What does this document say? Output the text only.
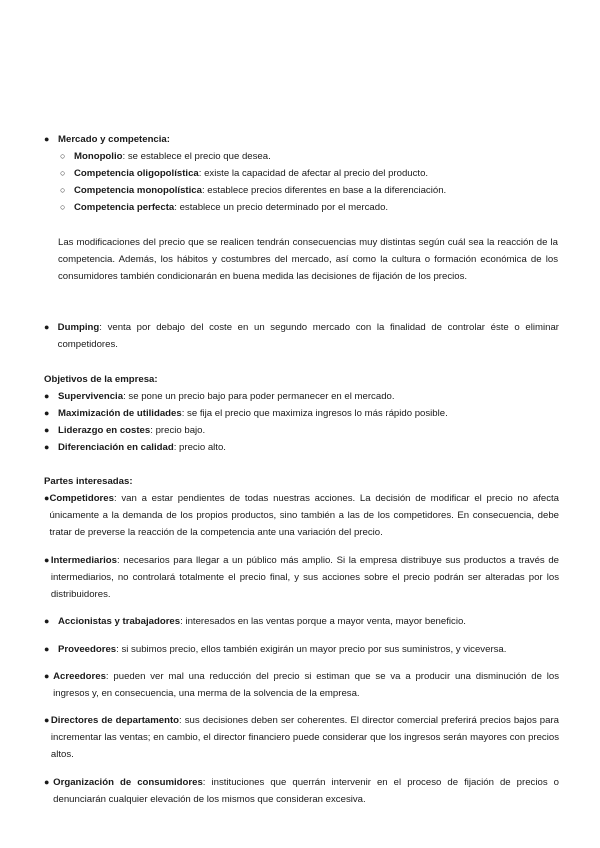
● Mercado y competencia:
○ Monopolio: se establece el precio que desea.
○ Competencia oligopolística: existe la capacidad de afectar al precio del producto.
○ Competencia monopolística: establece precios diferentes en base a la diferenciación.
○ Competencia perfecta: establece un precio determinado por el mercado.

Las modificaciones del precio que se realicen tendrán consecuencias muy distintas según cuál sea la reacción de la competencia. Además, los hábitos y costumbres del mercado, así como la cultura o formación económica de los consumidores también condicionarán en buena medida las decisiones de fijación de los precios.

● Dumping: venta por debajo del coste en un segundo mercado con la finalidad de controlar éste o eliminar competidores.

Objetivos de la empresa:

● Supervivencia: se pone un precio bajo para poder permanecer en el mercado.
● Maximización de utilidades: se fija el precio que maximiza ingresos lo más rápido posible.
● Liderazgo en costes: precio bajo.
● Diferenciación en calidad: precio alto.

Partes interesadas:

● Competidores: van a estar pendientes de todas nuestras acciones. La decisión de modificar el precio no afecta únicamente a la demanda de los propios productos, sino también a las de los competidores. En consecuencia, debe tratar de preverse la reacción de la competencia ante una variación del precio.
● Intermediarios: necesarios para llegar a un público más amplio. Si la empresa distribuye sus productos a través de intermediarios, no controlará totalmente el precio final, y sus acciones sobre el precio podrán ser alteradas por los distribuidores.
● Accionistas y trabajadores: interesados en las ventas porque a mayor venta, mayor beneficio.
● Proveedores: si subimos precio, ellos también exigirán un mayor precio por sus suministros, y viceversa.
● Acreedores: pueden ver mal una reducción del precio si estiman que se va a producir una disminución de los ingresos y, en consecuencia, una merma de la solvencia de la empresa.
● Directores de departamento: sus decisiones deben ser coherentes. El director comercial preferirá precios bajos para incrementar las ventas; en cambio, el director financiero puede considerar que los ingresos serán mayores con precios altos.
● Organización de consumidores: instituciones que querrán intervenir en el proceso de fijación de precios o denunciarán cualquier elevación de los mismos que consideran excesiva.
